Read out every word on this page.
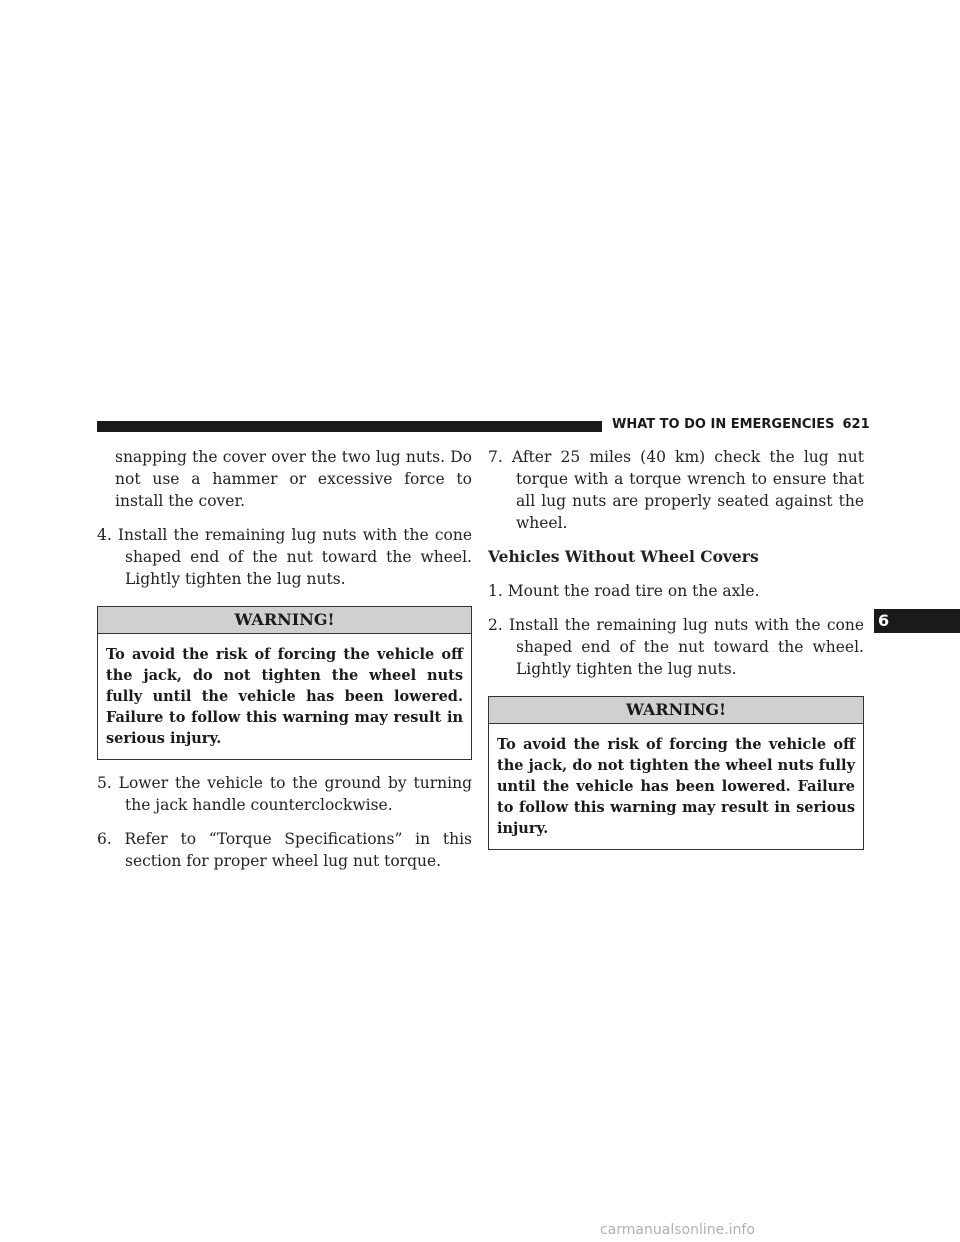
WHAT TO DO IN EMERGENCIES 621

snapping the cover over the two lug nuts. Do not use a hammer or excessive force to install the cover.

4. Install the remaining lug nuts with the cone shaped end of the nut toward the wheel. Lightly tighten the lug nuts.

WARNING!
To avoid the risk of forcing the vehicle off the jack, do not tighten the wheel nuts fully until the vehicle has been lowered. Failure to follow this warning may result in serious injury.

5. Lower the vehicle to the ground by turning the jack handle counterclockwise.

6. Refer to “Torque Specifications” in this section for proper wheel lug nut torque.

7. After 25 miles (40 km) check the lug nut torque with a torque wrench to ensure that all lug nuts are properly seated against the wheel.

Vehicles Without Wheel Covers

1. Mount the road tire on the axle.

2. Install the remaining lug nuts with the cone shaped end of the nut toward the wheel. Lightly tighten the lug nuts.

WARNING!
To avoid the risk of forcing the vehicle off the jack, do not tighten the wheel nuts fully until the vehicle has been lowered. Failure to follow this warning may result in serious injury.
6
carmanualsonline.info
